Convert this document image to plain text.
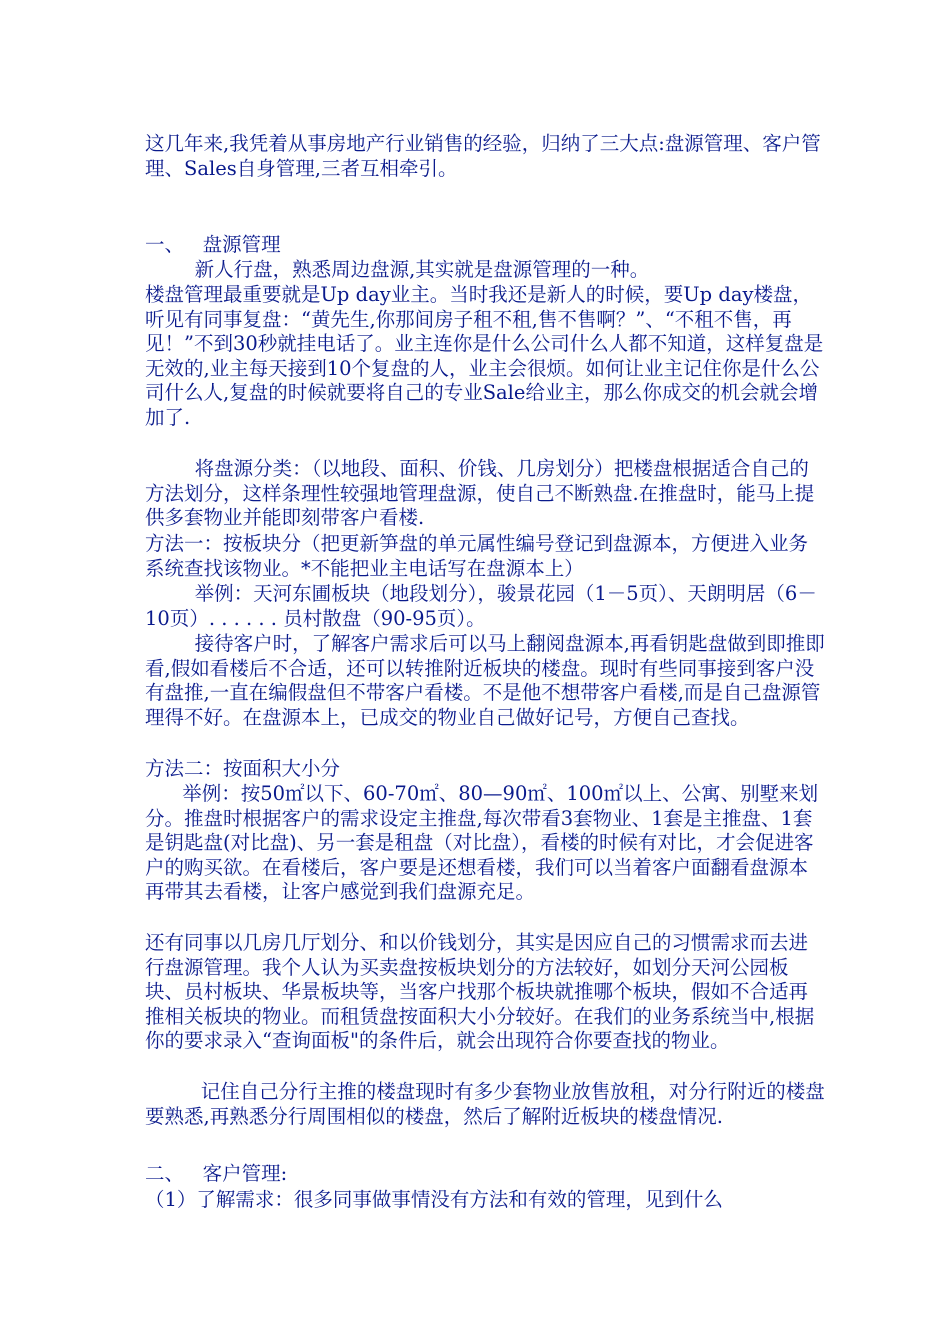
这几年来,我凭着从事房地产行业销售的经验，归纳了三大点:盘源管理、客户管理、Sales自身管理,三者互相牵引。

一、   盘源管理

新人行盘，熟悉周边盘源,其实就是盘源管理的一种。

楼盘管理最重要就是Up day业主。当时我还是新人的时候，要Up day楼盘，听见有同事复盘：“黄先生,你那间房子租不租,售不售啊？”、“不租不售，再见！”不到30秒就挂电话了。业主连你是什么公司什么人都不知道，这样复盘是无效的,业主每天接到10个复盘的人，业主会很烦。如何让业主记住你是什么公司什么人,复盘的时候就要将自己的专业Sale给业主，那么你成交的机会就会增加了.

将盘源分类：（以地段、面积、价钱、几房划分）把楼盘根据适合自己的方法划分，这样条理性较强地管理盘源，使自己不断熟盘.在推盘时，能马上提供多套物业并能即刻带客户看楼.

方法一：按板块分（把更新笋盘的单元属性编号登记到盘源本，方便进入业务系统查找该物业。*不能把业主电话写在盘源本上）

举例：天河东圃板块（地段划分），骏景花园（1－5页）、天朗明居（6－10页）. . . . . . 员村散盘（90-95页）。

接待客户时，了解客户需求后可以马上翻阅盘源本,再看钥匙盘做到即推即看,假如看楼后不合适，还可以转推附近板块的楼盘。现时有些同事接到客户没有盘推,一直在编假盘但不带客户看楼。不是他不想带客户看楼,而是自己盘源管理得不好。在盘源本上，已成交的物业自己做好记号，方便自己查找。

方法二：按面积大小分

举例：按50㎡以下、60-70㎡、80—90㎡、100㎡以上、公寓、别墅来划分。推盘时根据客户的需求设定主推盘,每次带看3套物业、1套是主推盘、1套是钥匙盘(对比盘)、另一套是租盘（对比盘），看楼的时候有对比，才会促进客户的购买欲。在看楼后，客户要是还想看楼，我们可以当着客户面翻看盘源本再带其去看楼，让客户感觉到我们盘源充足。

还有同事以几房几厅划分、和以价钱划分，其实是因应自己的习惯需求而去进行盘源管理。我个人认为买卖盘按板块划分的方法较好，如划分天河公园板块、员村板块、华景板块等，当客户找那个板块就推哪个板块，假如不合适再推相关板块的物业。而租赁盘按面积大小分较好。在我们的业务系统当中,根据你的要求录入“查询面板"的条件后，就会出现符合你要查找的物业。

记住自己分行主推的楼盘现时有多少套物业放售放租，对分行附近的楼盘要熟悉,再熟悉分行周围相似的楼盘，然后了解附近板块的楼盘情况.

二、   客户管理:

（1）了解需求：很多同事做事情没有方法和有效的管理，见到什么
